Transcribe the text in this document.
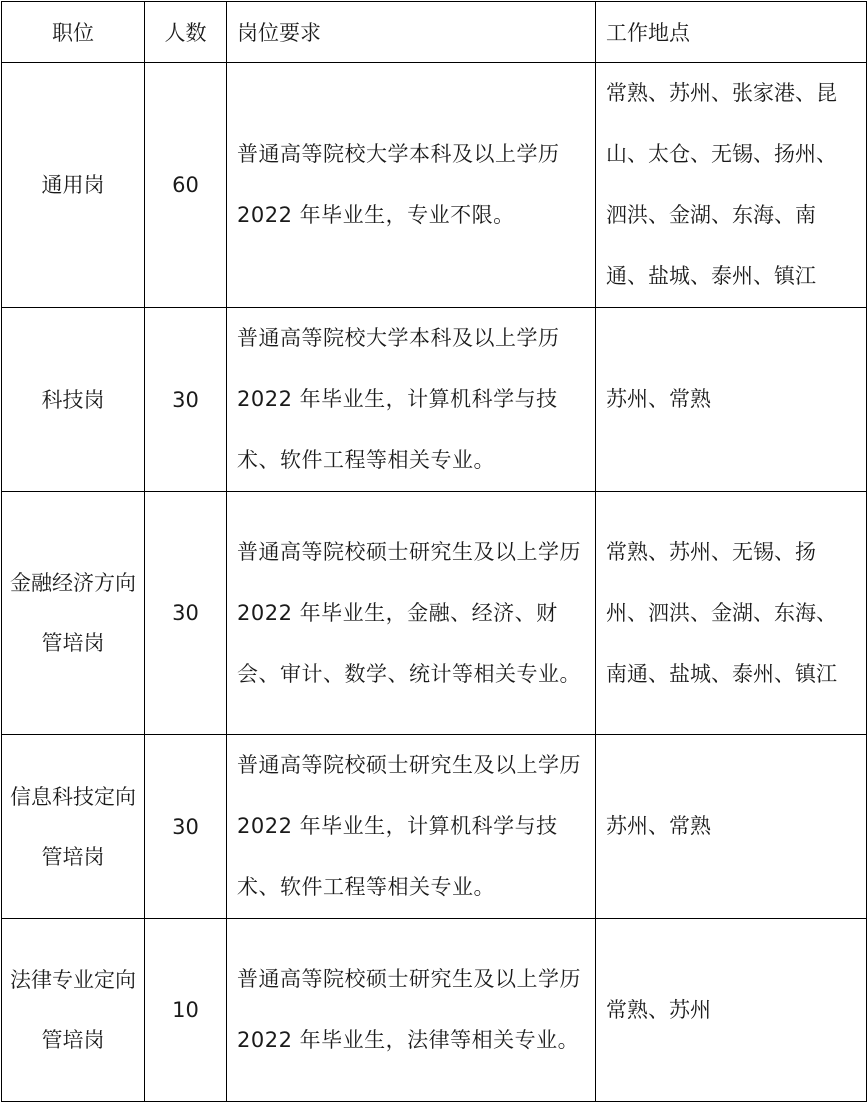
职位	人数	岗位要求	工作地点
通用岗	60	普通高等院校大学本科及以上学历 2022 年毕业生，专业不限。	常熟、苏州、张家港、昆山、太仓、无锡、扬州、泗洪、金湖、东海、南通、盐城、泰州、镇江
科技岗	30	普通高等院校大学本科及以上学历 2022 年毕业生，计算机科学与技术、软件工程等相关专业。	苏州、常熟
金融经济方向管培岗	30	普通高等院校硕士研究生及以上学历 2022 年毕业生，金融、经济、财会、审计、数学、统计等相关专业。	常熟、苏州、无锡、扬州、泗洪、金湖、东海、南通、盐城、泰州、镇江
信息科技定向管培岗	30	普通高等院校硕士研究生及以上学历 2022 年毕业生，计算机科学与技术、软件工程等相关专业。	苏州、常熟
法律专业定向管培岗	10	普通高等院校硕士研究生及以上学历 2022 年毕业生，法律等相关专业。	常熟、苏州
